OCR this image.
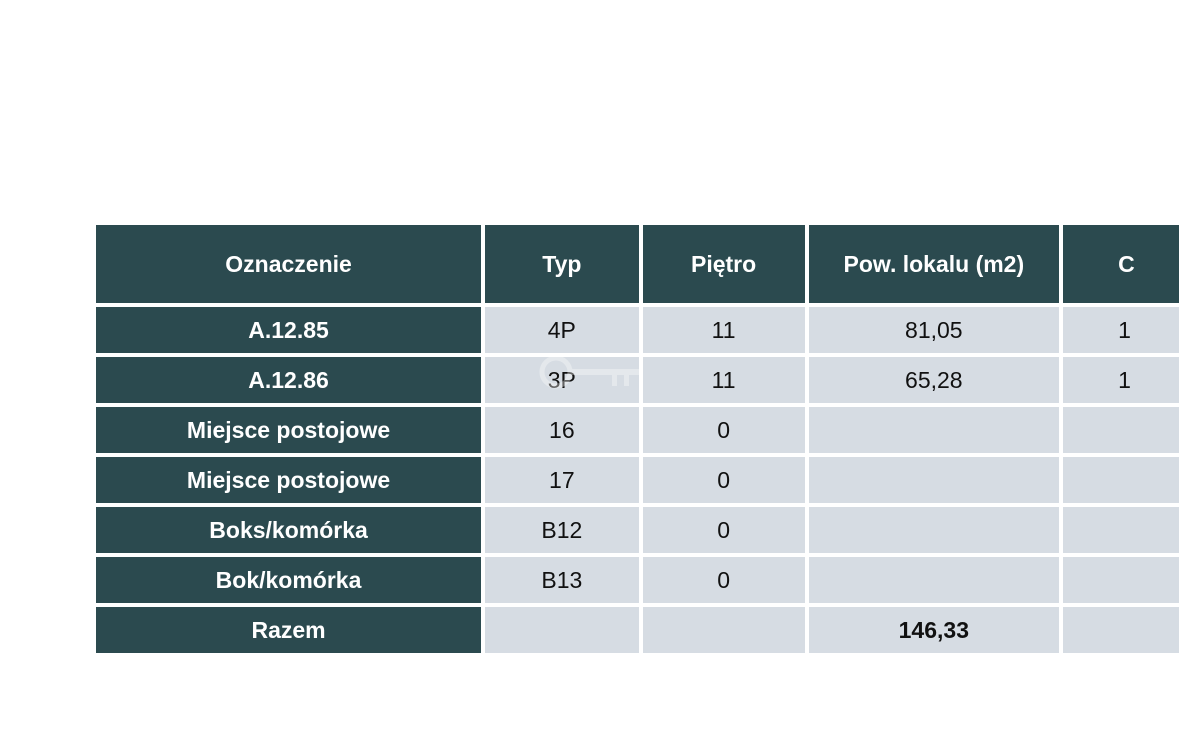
Oznaczenie	Typ	Piętro	Pow. lokalu (m2)	C
A.12.85	4P	11	81,05	1
A.12.86	3P	11	65,28	1
Miejsce postojowe	16	0		
Miejsce postojowe	17	0		
Boks/komórka	B12	0		
Bok/komórka	B13	0		
Razem			146,33	
